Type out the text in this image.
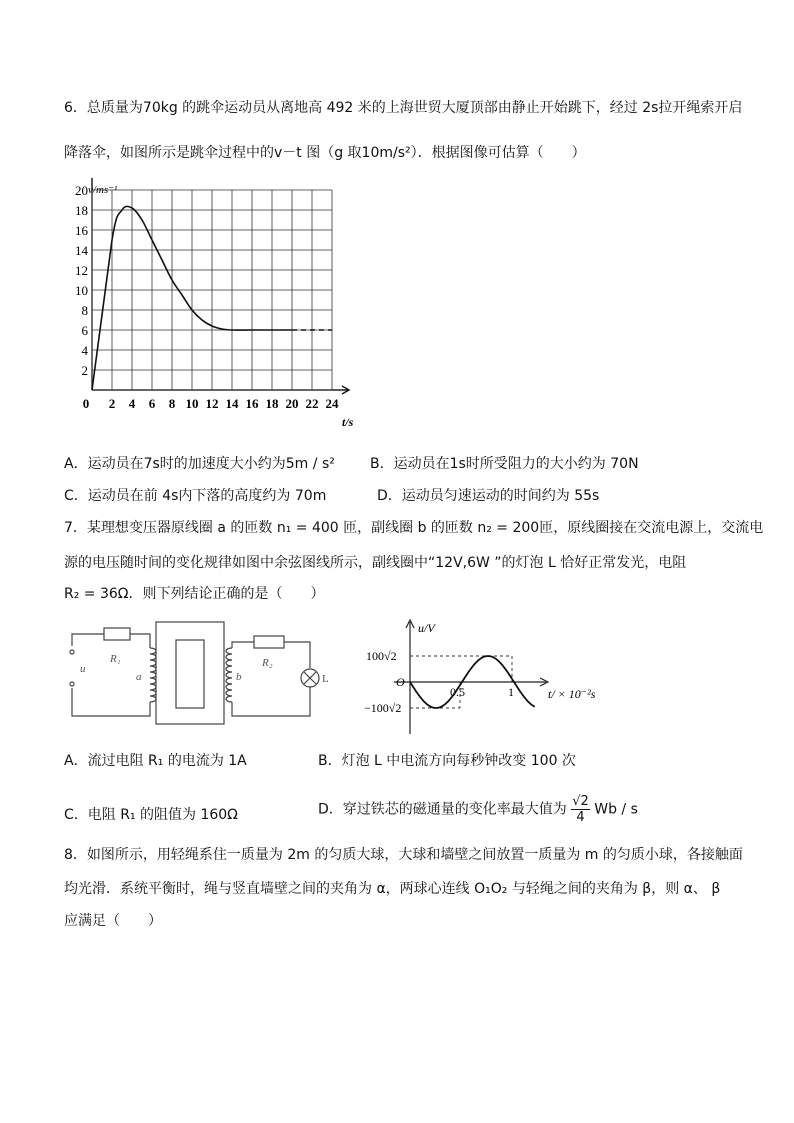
6．总质量为70kg 的跳伞运动员从离地高 492 米的上海世贸大厦顶部由静止开始跳下，经过 2s拉开绳索开启
降落伞，如图所示是跳伞过程中的v－t 图（g 取10m/s²）．根据图像可估算（　　）
20
18
16
14
12
10
8
6
4
2
0 2 4 6 8 10 12 14 16 18 20 22 24
v/ms⁻¹
t/s
A．运动员在7s时的加速度大小约为5m / s²	B．运动员在1s时所受阻力的大小约为 70N
C．运动员在前 4s内下落的高度约为 70m	D．运动员匀速运动的时间约为 55s
7．某理想变压器原线圈 a 的匝数 n₁ = 400 匝，副线圈 b 的匝数 n₂ = 200匝，原线圈接在交流电源上，交流电
源的电压随时间的变化规律如图中余弦图线所示，副线圈中“12V,6W ”的灯泡 L 恰好正常发光，电阻
R₂ = 36Ω．则下列结论正确的是（　　）
u
R₁
a	b
R₂
L
u/V
100√2
−100√2
O
0.5	1	t/ × 10⁻²s
A．流过电阻 R₁ 的电流为 1A	B．灯泡 L 中电流方向每秒钟改变 100 次
C．电阻 R₁ 的阻值为 160Ω	D．穿过铁芯的磁通量的变化率最大值为 $\frac{√2}{4}$ Wb / s
8．如图所示，用轻绳系住一质量为 2m 的匀质大球，大球和墙壁之间放置一质量为 m 的匀质小球，各接触面
均光滑．系统平衡时，绳与竖直墙壁之间的夹角为 α，两球心连线 O₁O₂ 与轻绳之间的夹角为 β，则 α、 β
应满足（　　）
